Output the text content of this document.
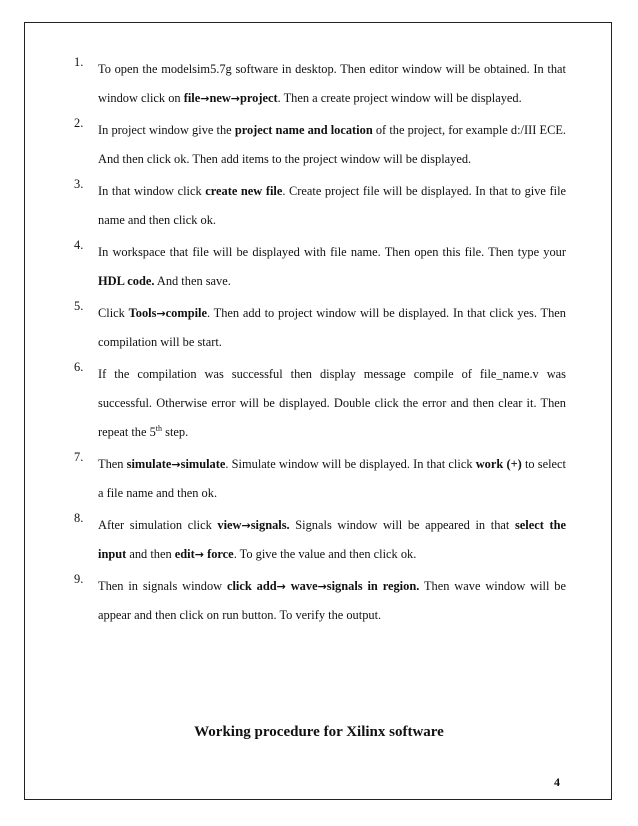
1. To open the modelsim5.7g software in desktop. Then editor window will be obtained. In that window click on file→new→project. Then a create project window will be displayed.
2. In project window give the project name and location of the project, for example d:/III ECE. And then click ok. Then add items to the project window will be displayed.
3. In that window click create new file. Create project file will be displayed. In that to give file name and then click ok.
4. In workspace that file will be displayed with file name. Then open this file. Then type your HDL code. And then save.
5. Click Tools→compile. Then add to project window will be displayed. In that click yes. Then compilation will be start.
6. If the compilation was successful then display message compile of file_name.v was successful. Otherwise error will be displayed. Double click the error and then clear it. Then repeat the 5th step.
7. Then simulate→simulate. Simulate window will be displayed. In that click work (+) to select a file name and then ok.
8. After simulation click view→signals. Signals window will be appeared in that select the input and then edit→ force. To give the value and then click ok.
9. Then in signals window click add→ wave→signals in region. Then wave window will be appear and then click on run button. To verify the output.
Working procedure for Xilinx software
4
